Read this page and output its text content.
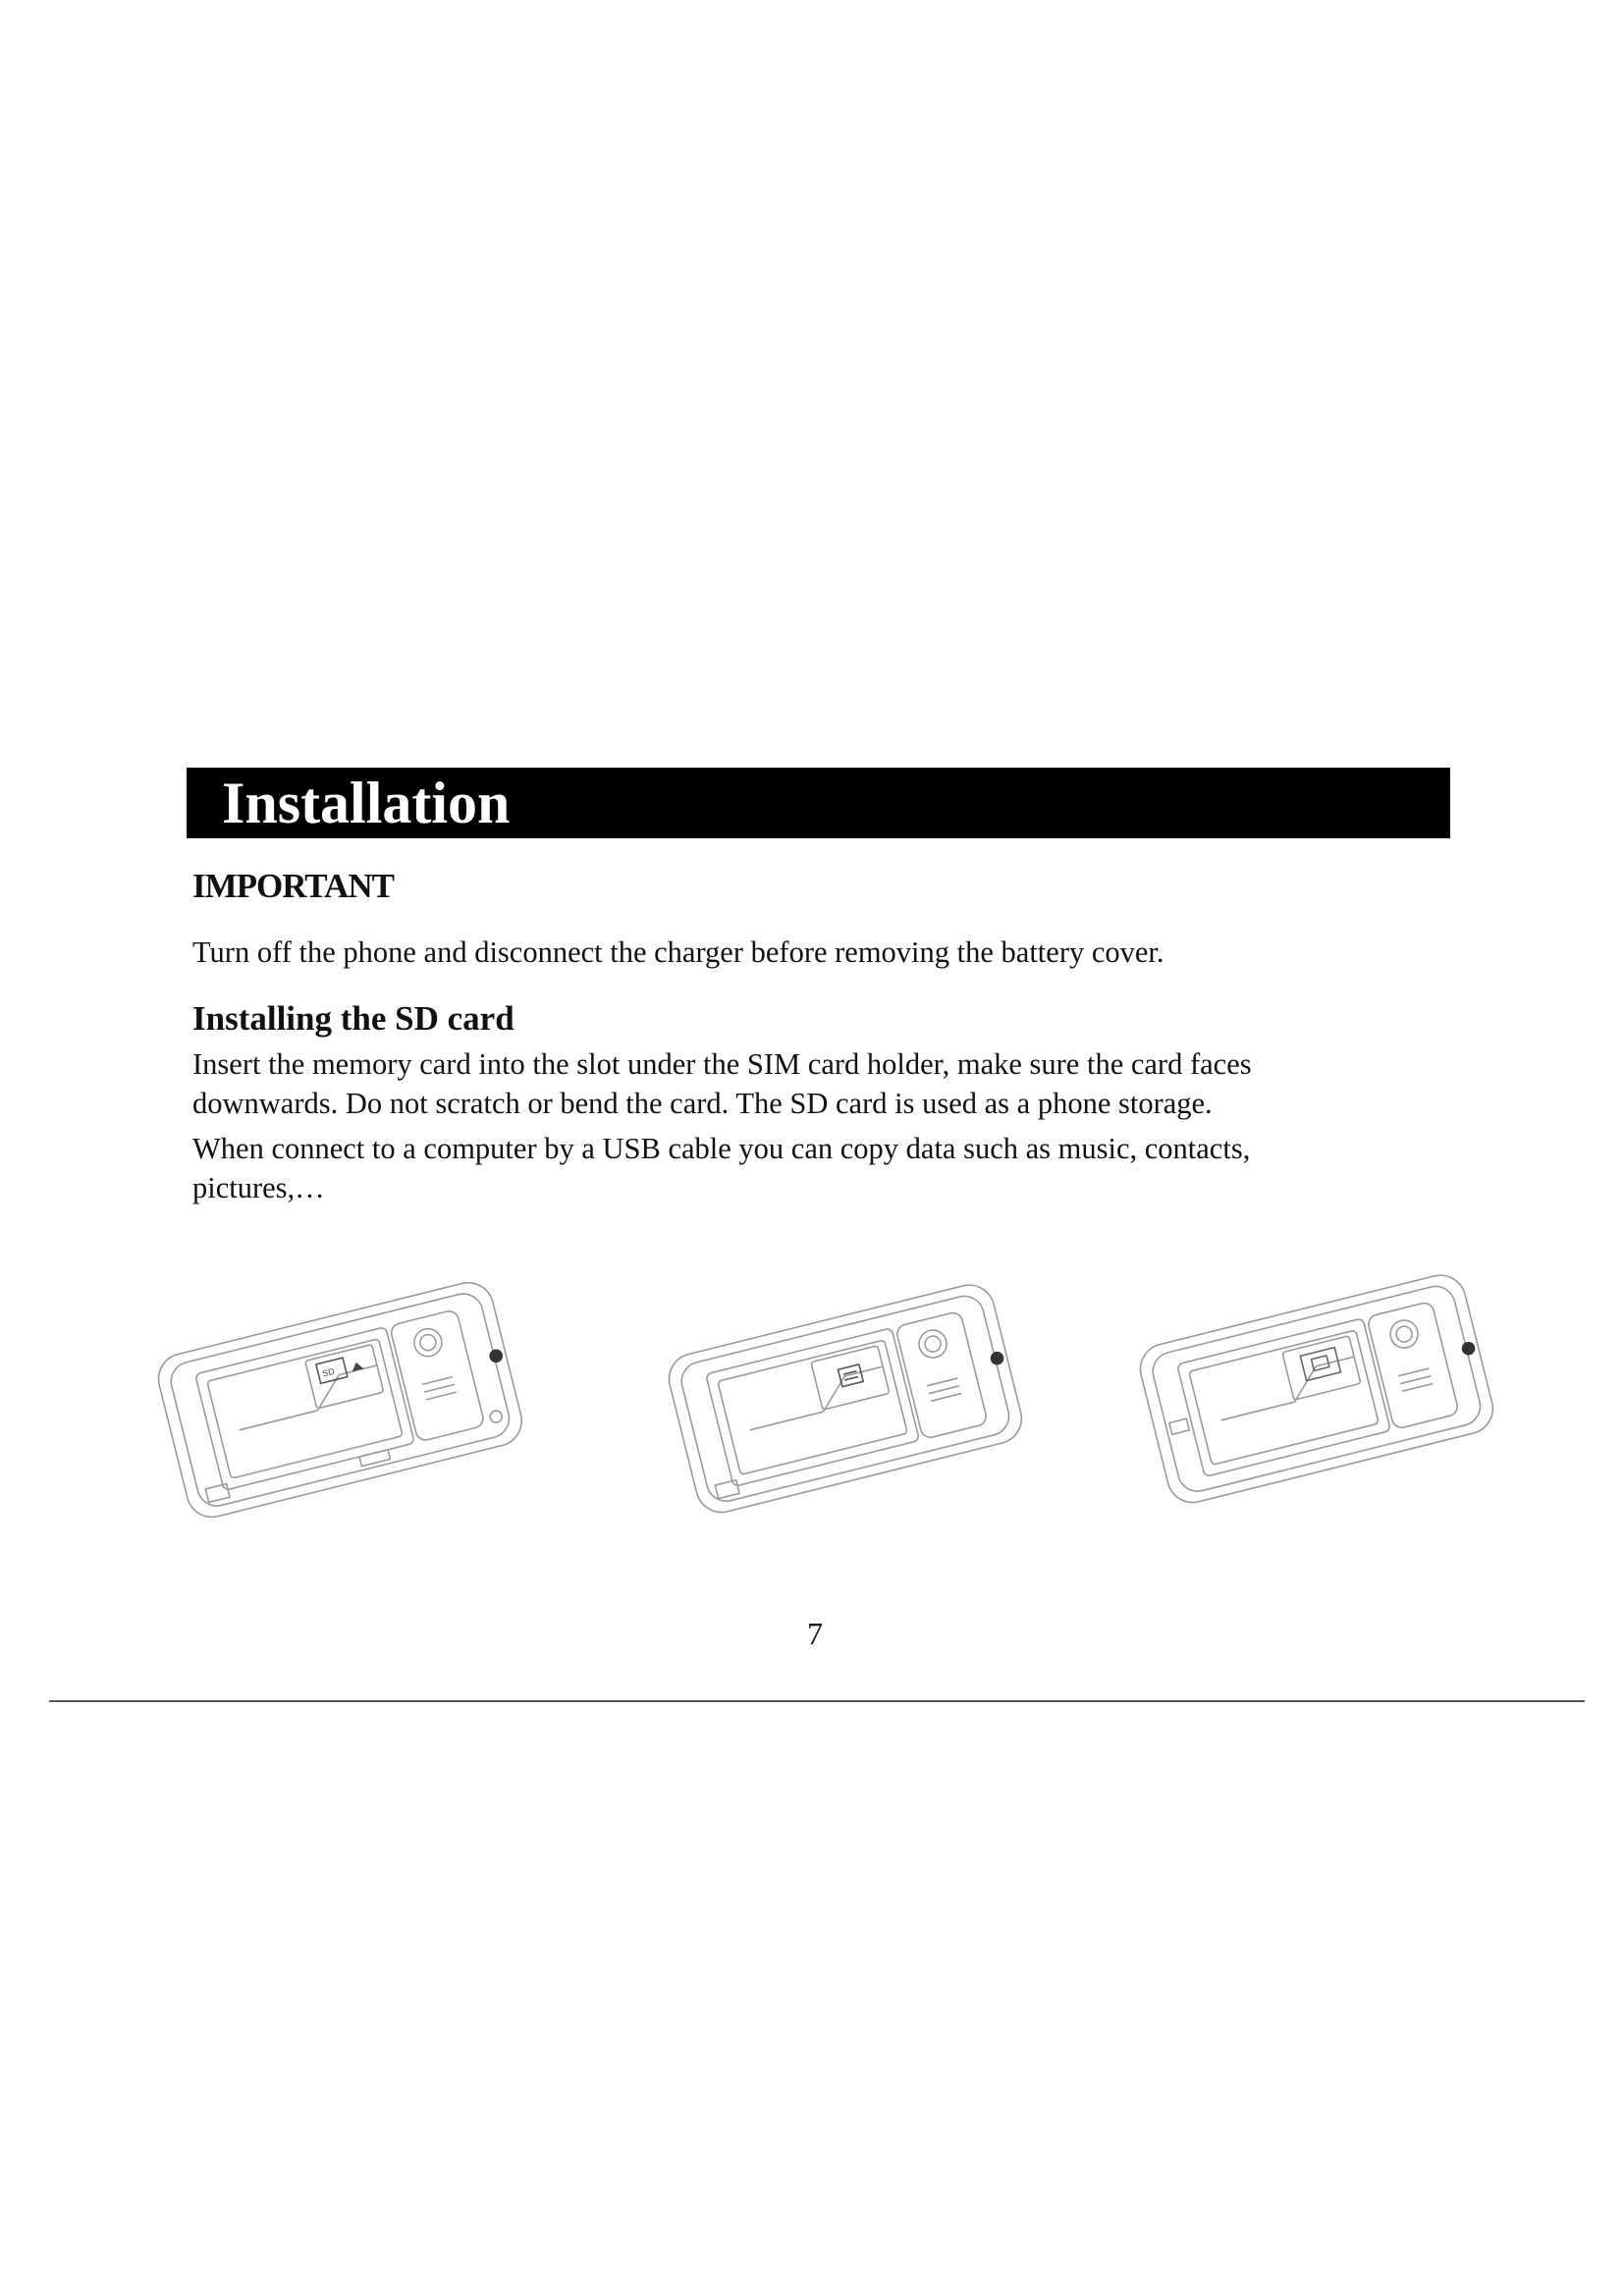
Installation
IMPORTANT
Turn off the phone and disconnect the charger before removing the battery cover.
Installing the SD card
Insert the memory card into the slot under the SIM card holder, make sure the card faces
downwards. Do not scratch or bend the card. The SD card is used as a phone storage.
When connect to a computer by a USB cable you can copy data such as music, contacts,
pictures,…
SD
7
